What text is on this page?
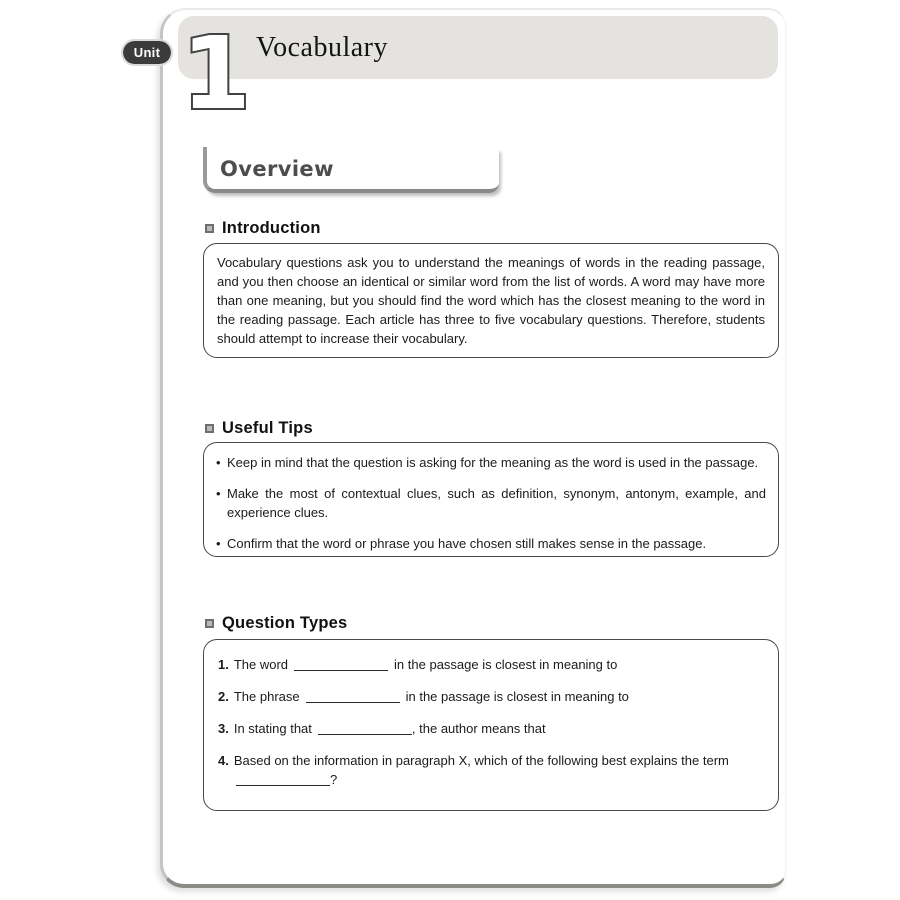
Vocabulary
Unit 1
Overview
Introduction

Vocabulary questions ask you to understand the meanings of words in the reading passage, and you then choose an identical or similar word from the list of words. A word may have more than one meaning, but you should find the word which has the closest meaning to the word in the reading passage. Each article has three to five vocabulary questions. Therefore, students should attempt to increase their vocabulary.

Useful Tips

• Keep in mind that the question is asking for the meaning as the word is used in the passage.

• Make the most of contextual clues, such as definition, synonym, antonym, example, and experience clues.

• Confirm that the word or phrase you have chosen still makes sense in the passage.

Question Types

1. The word	in the passage is closest in meaning to

2. The phrase	in the passage is closest in meaning to

3. In stating that	, the author means that

4. Based on the information in paragraph X, which of the following best explains the term

?
